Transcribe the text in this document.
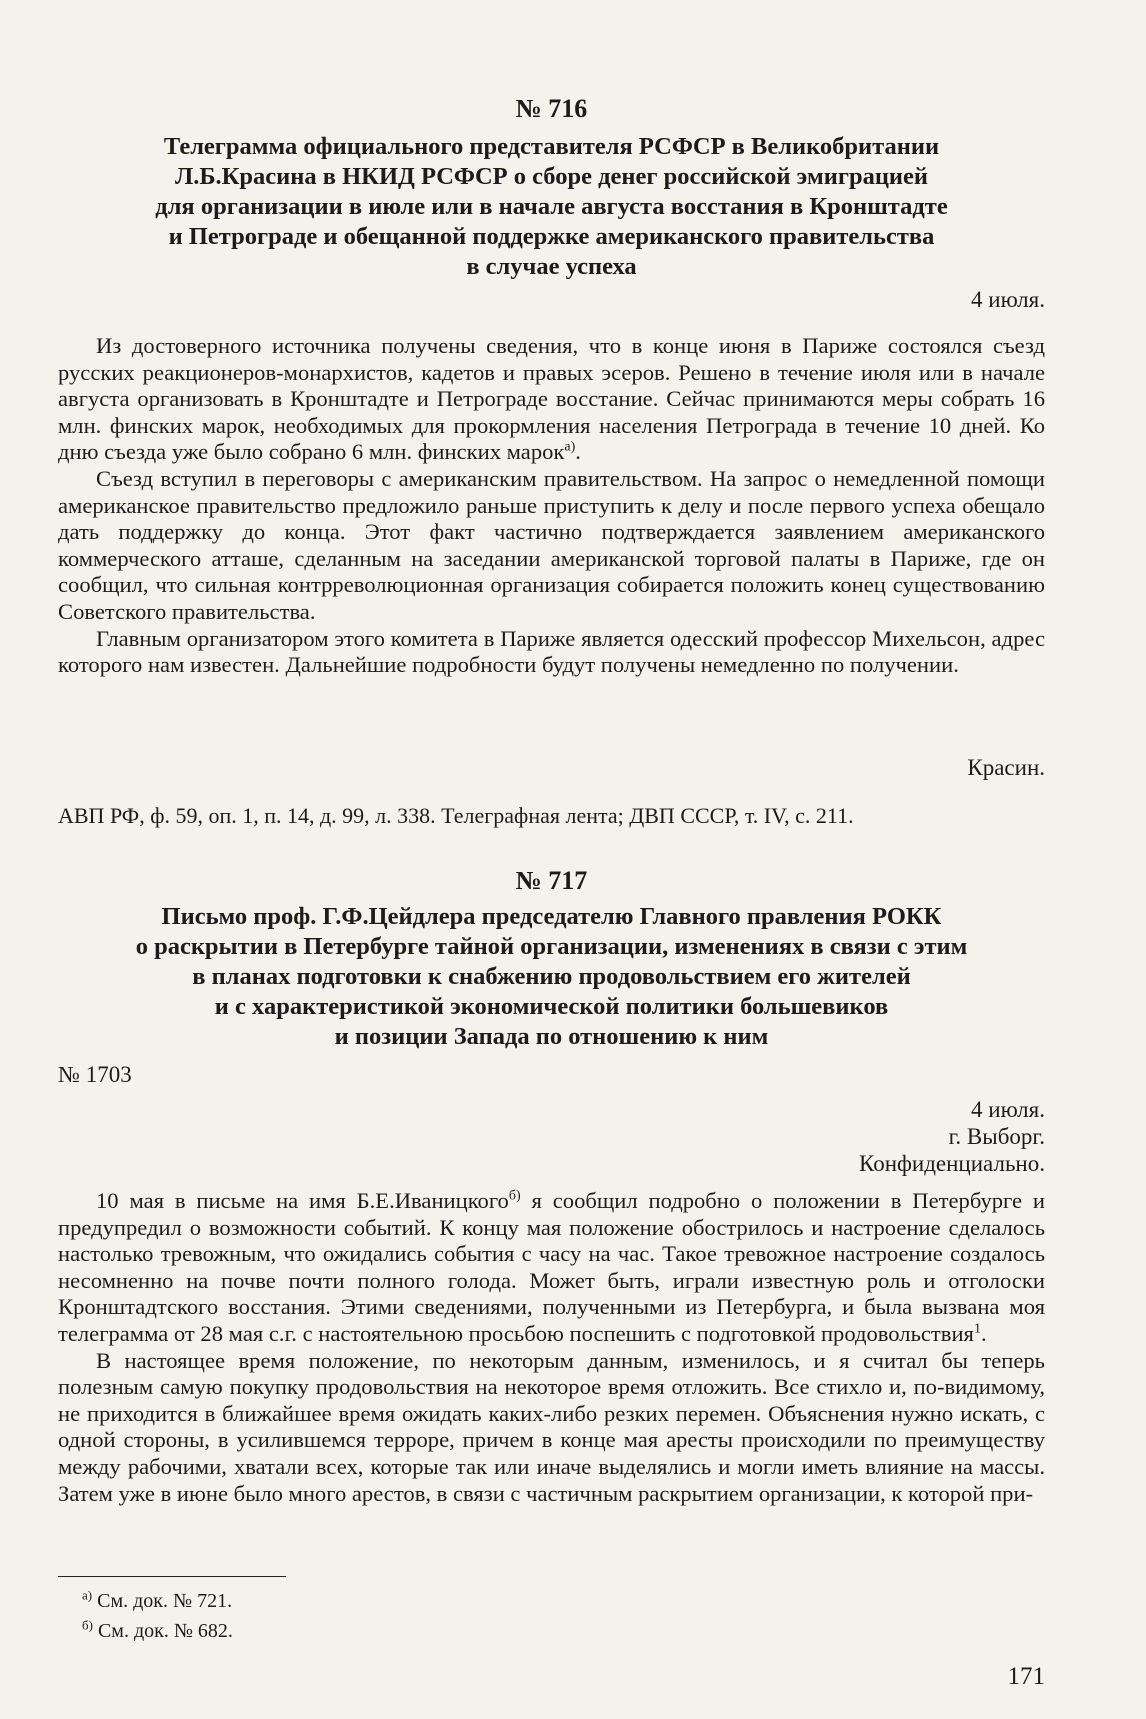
№ 716
Телеграмма официального представителя РСФСР в Великобритании
Л.Б.Красина в НКИД РСФСР о сборе денег российской эмиграцией
для организации в июле или в начале августа восстания в Кронштадте
и Петрограде и обещанной поддержке американского правительства
в случае успеха
4 июля.

Из достоверного источника получены сведения, что в конце июня в Париже состоялся съезд русских реакционеров-монархистов, кадетов и правых эсеров. Решено в течение июля или в начале августа организовать в Кронштадте и Петрограде восстание. Сейчас принимаются меры собрать 16 млн. финских марок, необходимых для прокормления населения Петрограда в течение 10 дней. Ко дню съезда уже было собрано 6 млн. финских марок$^{а)}$.

Съезд вступил в переговоры с американским правительством. На запрос о немедленной помощи американское правительство предложило раньше приступить к делу и после первого успеха обещало дать поддержку до конца. Этот факт частично подтверждается заявлением американского коммерческого атташе, сделанным на заседании американской торговой палаты в Париже, где он сообщил, что сильная контрреволюционная организация собирается положить конец существованию Советского правительства.

Главным организатором этого комитета в Париже является одесский профессор Михельсон, адрес которого нам известен. Дальнейшие подробности будут получены немедленно по получении.

Красин.
АВП РФ, ф. 59, оп. 1, п. 14, д. 99, л. 338. Телеграфная лента; ДВП СССР, т. IV, с. 211.
№ 717
Письмо проф. Г.Ф.Цейдлера председателю Главного правления РОКК
о раскрытии в Петербурге тайной организации, изменениях в связи с этим
в планах подготовки к снабжению продовольствием его жителей
и с характеристикой экономической политики большевиков
и позиции Запада по отношению к ним
№ 1703
4 июля.
г. Выборг.
Конфиденциально.

10 мая в письме на имя Б.Е.Иваницкого$^{б)}$ я сообщил подробно о положении в Петербурге и предупредил о возможности событий. К концу мая положение обострилось и настроение сделалось настолько тревожным, что ожидались события с часу на час. Такое тревожное настроение создалось несомненно на почве почти полного голода. Может быть, играли известную роль и отголоски Кронштадтского восстания. Этими сведениями, полученными из Петербурга, и была вызвана моя телеграмма от 28 мая с.г. с настоятельною просьбою поспешить с подготовкой продовольствия$^1$.

В настоящее время положение, по некоторым данным, изменилось, и я считал бы теперь полезным самую покупку продовольствия на некоторое время отложить. Все стихло и, по-видимому, не приходится в ближайшее время ожидать каких-либо резких перемен. Объяснения нужно искать, с одной стороны, в усилившемся терроре, причем в конце мая аресты происходили по преимуществу между рабочими, хватали всех, которые так или иначе выделялись и могли иметь влияние на массы. Затем уже в июне было много арестов, в связи с частичным раскрытием организации, к которой при-

$^{а)}$ См. док. № 721.
$^{б)}$ См. док. № 682.
171
